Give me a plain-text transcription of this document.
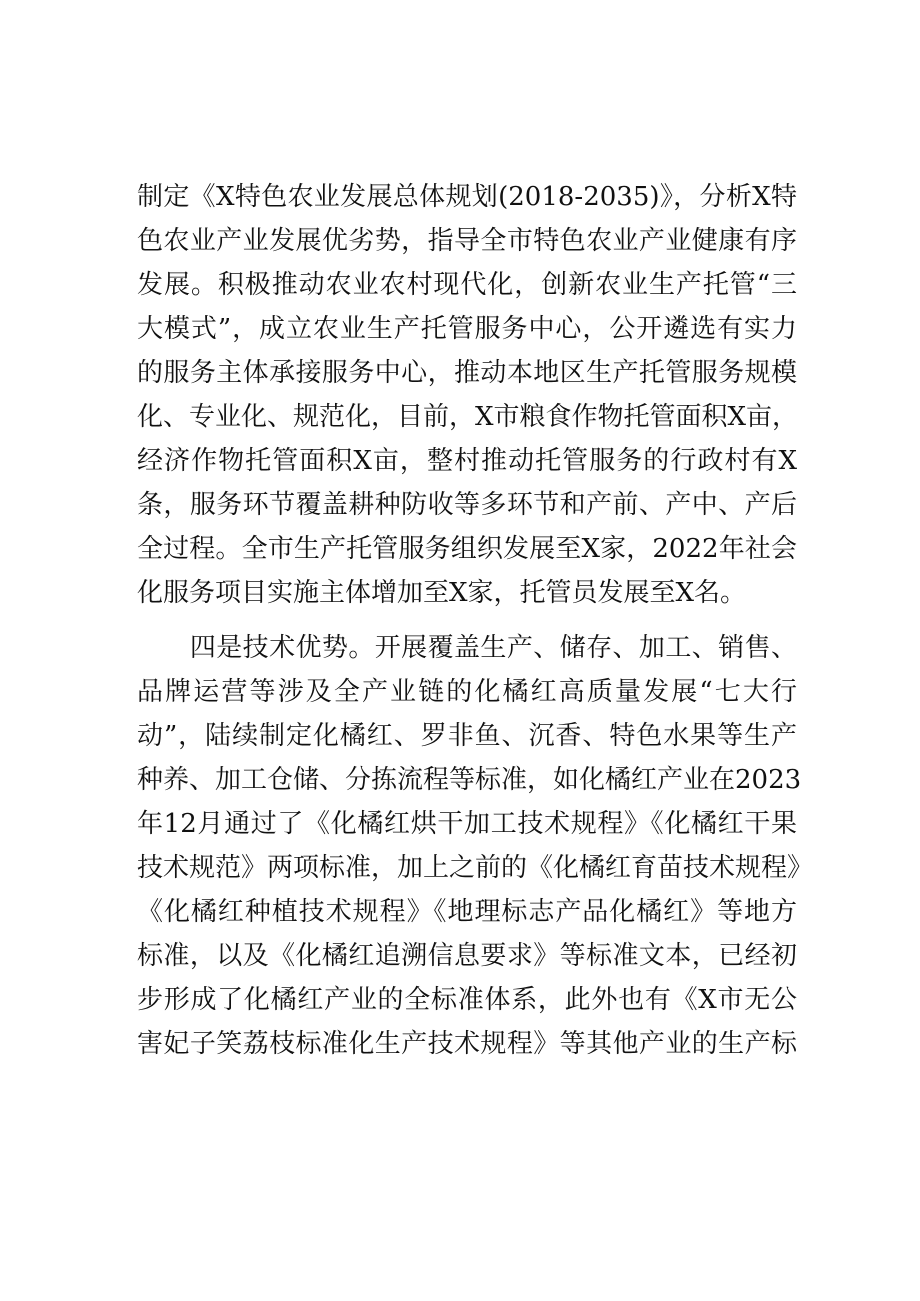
制定《X特色农业发展总体规划(2018-2035)》，分析X特
色农业产业发展优劣势，指导全市特色农业产业健康有序
发展。积极推动农业农村现代化，创新农业生产托管“三
大模式”，成立农业生产托管服务中心，公开遴选有实力
的服务主体承接服务中心，推动本地区生产托管服务规模
化、专业化、规范化，目前，X市粮食作物托管面积X亩，
经济作物托管面积X亩，整村推动托管服务的行政村有X
条，服务环节覆盖耕种防收等多环节和产前、产中、产后
全过程。全市生产托管服务组织发展至X家，2022年社会
化服务项目实施主体增加至X家，托管员发展至X名。
　　四是技术优势。开展覆盖生产、储存、加工、销售、
品牌运营等涉及全产业链的化橘红高质量发展“七大行
动”，陆续制定化橘红、罗非鱼、沉香、特色水果等生产
种养、加工仓储、分拣流程等标准，如化橘红产业在2023
年12月通过了《化橘红烘干加工技术规程》《化橘红干果
技术规范》两项标准，加上之前的《化橘红育苗技术规程》
《化橘红种植技术规程》《地理标志产品化橘红》等地方
标准，以及《化橘红追溯信息要求》等标准文本，已经初
步形成了化橘红产业的全标准体系，此外也有《X市无公
害妃子笑荔枝标准化生产技术规程》等其他产业的生产标
